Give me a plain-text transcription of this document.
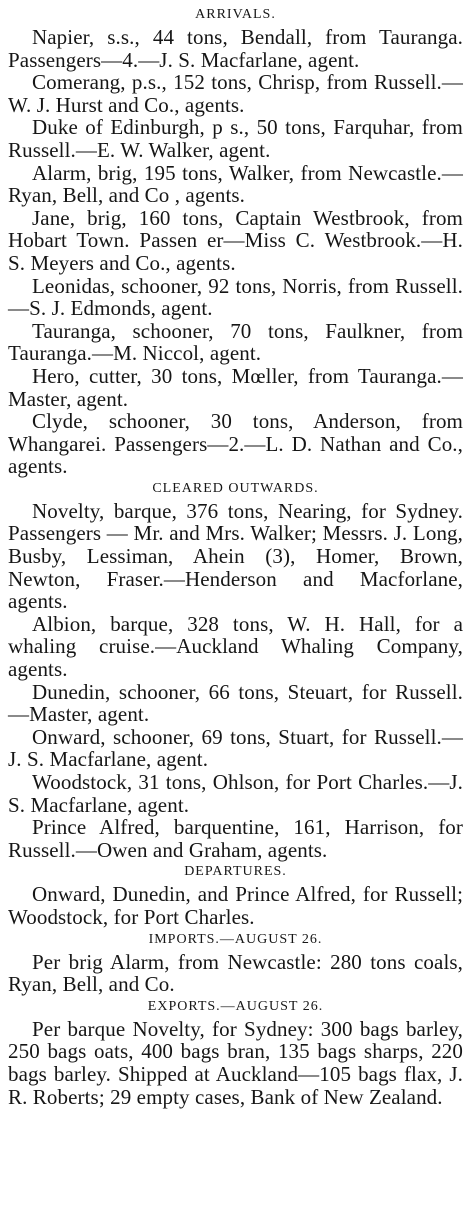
ARRIVALS.

Napier, s.s., 44 tons, Bendall, from Tauranga. Passengers—4.—J. S. Macfarlane, agent.

Comerang, p.s., 152 tons, Chrisp, from Russell.—W. J. Hurst and Co., agents.

Duke of Edinburgh, p s., 50 tons, Farquhar, from Russell.—E. W. Walker, agent.

Alarm, brig, 195 tons, Walker, from Newcastle.—Ryan, Bell, and Co , agents.

Jane, brig, 160 tons, Captain Westbrook, from Hobart Town. Passen er—Miss C. Westbrook.—H. S. Meyers and Co., agents.

Leonidas, schooner, 92 tons, Norris, from Russell.—S. J. Edmonds, agent.

Tauranga, schooner, 70 tons, Faulkner, from Tauranga.—M. Niccol, agent.

Hero, cutter, 30 tons, Mœller, from Tauranga.—Master, agent.

Clyde, schooner, 30 tons, Anderson, from Whangarei. Passengers—2.—L. D. Nathan and Co., agents.

CLEARED OUTWARDS.

Novelty, barque, 376 tons, Nearing, for Sydney. Passengers — Mr. and Mrs. Walker; Messrs. J. Long, Busby, Lessiman, Ahein (3), Homer, Brown, Newton, Fraser.—Henderson and Macforlane, agents.

Albion, barque, 328 tons, W. H. Hall, for a whaling cruise.—Auckland Whaling Company, agents.

Dunedin, schooner, 66 tons, Steuart, for Russell.—Master, agent.

Onward, schooner, 69 tons, Stuart, for Russell.—J. S. Macfarlane, agent.

Woodstock, 31 tons, Ohlson, for Port Charles.—J. S. Macfarlane, agent.

Prince Alfred, barquentine, 161, Harrison, for Russell.—Owen and Graham, agents.

DEPARTURES.

Onward, Dunedin, and Prince Alfred, for Russell; Woodstock, for Port Charles.

IMPORTS.—AUGUST 26.

Per brig Alarm, from Newcastle: 280 tons coals, Ryan, Bell, and Co.

EXPORTS.—AUGUST 26.

Per barque Novelty, for Sydney: 300 bags barley, 250 bags oats, 400 bags bran, 135 bags sharps, 220 bags barley. Shipped at Auckland—105 bags flax, J. R. Roberts; 29 empty cases, Bank of New Zealand.
